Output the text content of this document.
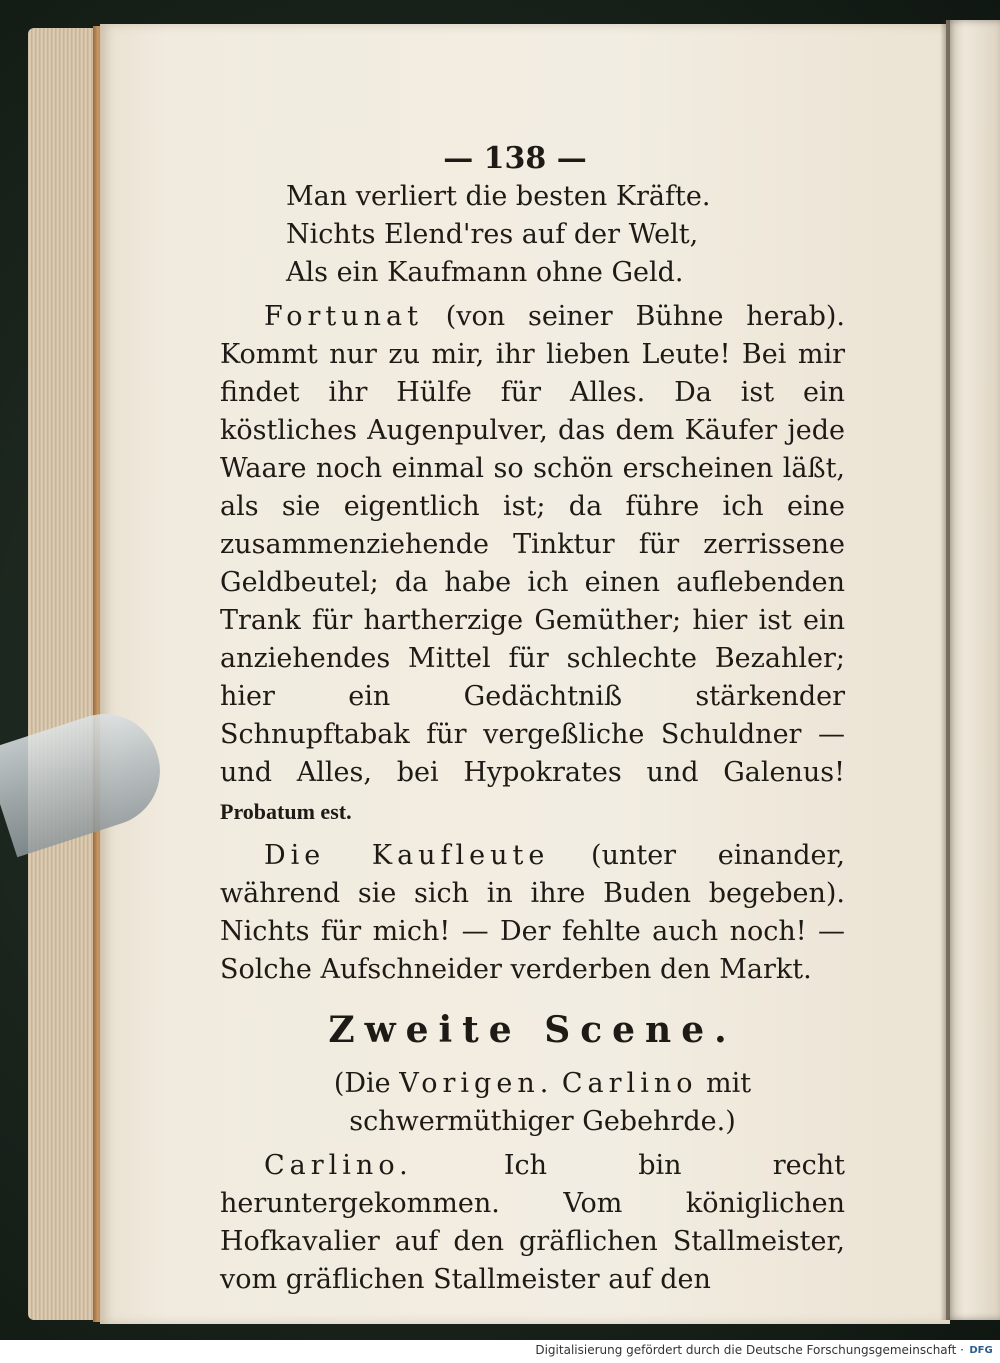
— 138 —
Man verliert die besten Kräfte.
Nichts Elend'res auf der Welt,
Als ein Kaufmann ohne Geld.

Fortunat (von seiner Bühne herab). Kommt nur zu mir, ihr lieben Leute! Bei mir findet ihr Hülfe für Alles. Da ist ein köstliches Augenpulver, das dem Käufer jede Waare noch einmal so schön erscheinen läßt, als sie eigentlich ist; da führe ich eine zusammenziehende Tinktur für zerrissene Geldbeutel; da habe ich einen auflebenden Trank für hartherzige Gemüther; hier ist ein anziehendes Mittel für schlechte Bezahler; hier ein Gedächtniß stärkender Schnupftabak für vergeßliche Schuldner — und Alles, bei Hypokrates und Galenus! Probatum est.

Die Kaufleute (unter einander, während sie sich in ihre Buden begeben). Nichts für mich! — Der fehlte auch noch! — Solche Aufschneider verderben den Markt.

Zweite Scene.

(Die Vorigen. Carlino mit schwermüthiger Gebehrde.)

Carlino. Ich bin recht heruntergekommen. Vom königlichen Hofkavalier auf den gräflichen Stallmeister, vom gräflichen Stallmeister auf den

Digitalisierung gefördert durch die Deutsche Forschungsgemeinschaft · DFG
